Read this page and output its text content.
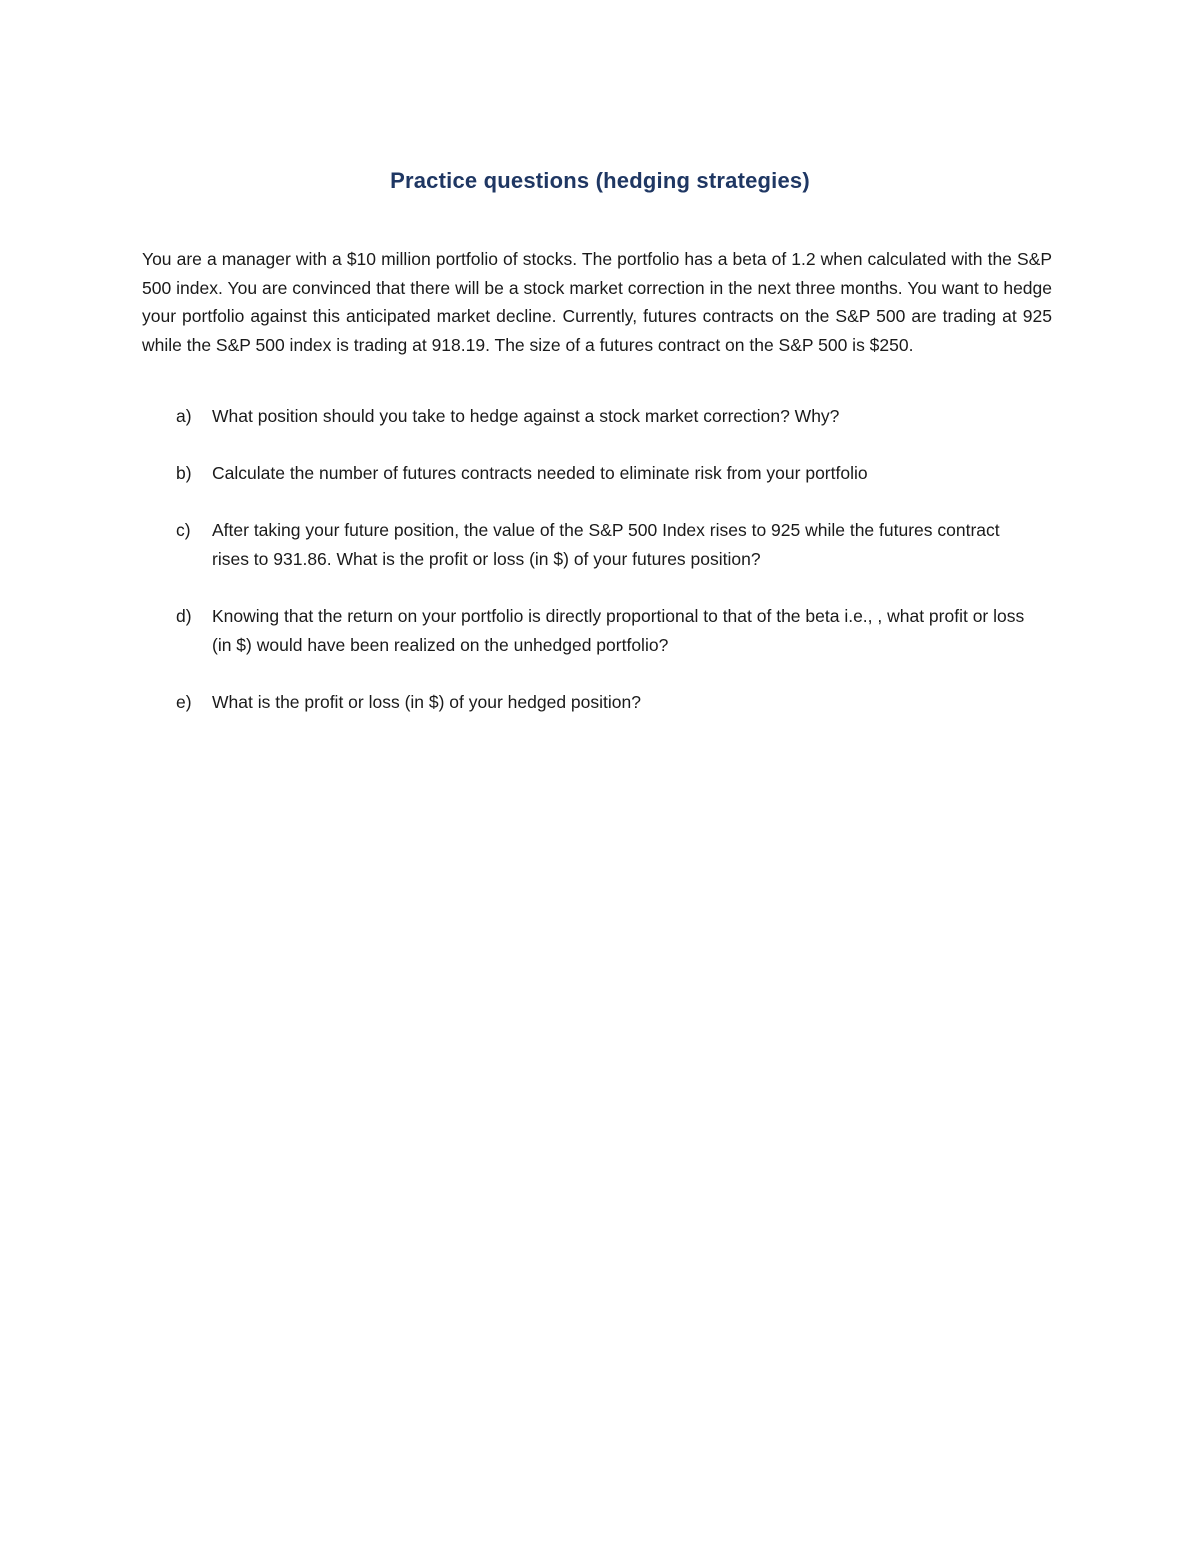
Practice questions (hedging strategies)
You are a manager with a $10 million portfolio of stocks. The portfolio has a beta of 1.2 when calculated with the S&P 500 index. You are convinced that there will be a stock market correction in the next three months. You want to hedge your portfolio against this anticipated market decline. Currently, futures contracts on the S&P 500 are trading at 925 while the S&P 500 index is trading at 918.19. The size of a futures contract on the S&P 500 is $250.
a)	What position should you take to hedge against a stock market correction? Why?
b)	Calculate the number of futures contracts needed to eliminate risk from your portfolio
c)	After taking your future position, the value of the S&P 500 Index rises to 925 while the futures contract rises to 931.86. What is the profit or loss (in $) of your futures position?
d)	Knowing that the return on your portfolio is directly proportional to that of the beta i.e., , what profit or loss (in $) would have been realized on the unhedged portfolio?
e)	What is the profit or loss (in $) of your hedged position?
